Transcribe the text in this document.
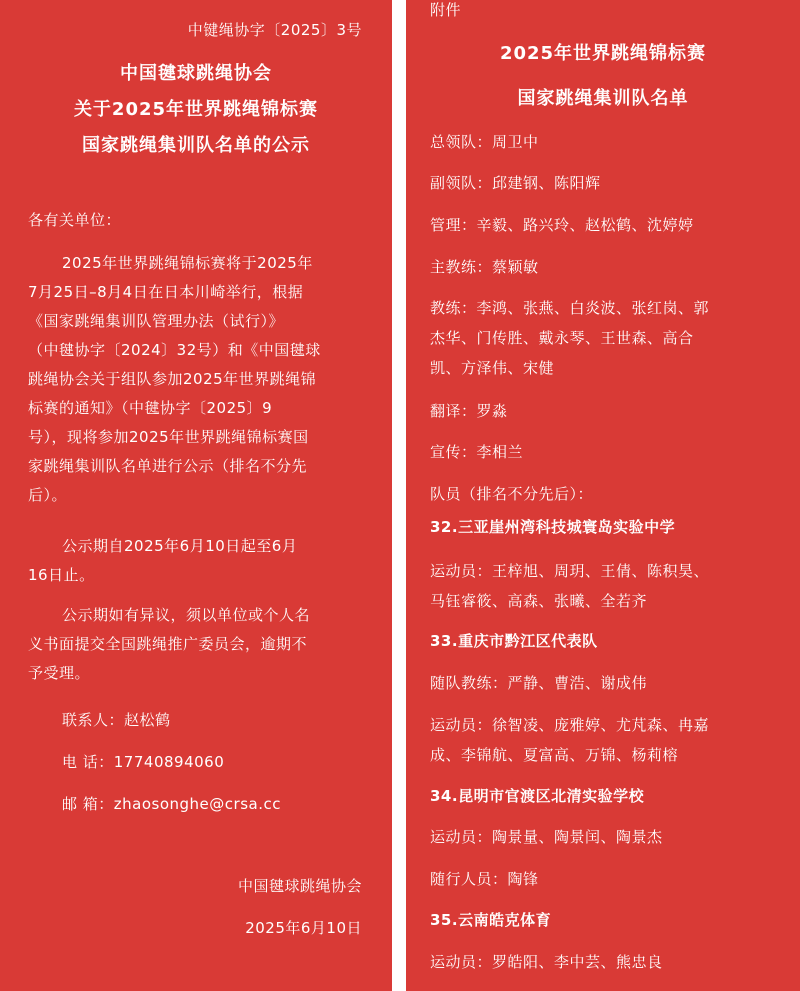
中键绳协字〔2025〕3号
中国毽球跳绳协会
关于2025年世界跳绳锦标赛
国家跳绳集训队名单的公示
各有关单位：
2025年世界跳绳锦标赛将于2025年
7月25日–8月4日在日本川崎举行，根据
《国家跳绳集训队管理办法（试行）》
（中毽协字〔2024〕32号）和《中国毽球
跳绳协会关于组队参加2025年世界跳绳锦
标赛的通知》（中毽协字〔2025〕9
号），现将参加2025年世界跳绳锦标赛国
家跳绳集训队名单进行公示（排名不分先
后）。
公示期自2025年6月10日起至6月
16日止。
公示期如有异议，须以单位或个人名
义书面提交全国跳绳推广委员会，逾期不
予受理。
联系人：赵松鹤
电 话：17740894060
邮 箱：zhaosonghe@crsa.cc
中国毽球跳绳协会
2025年6月10日
附件
2025年世界跳绳锦标赛
国家跳绳集训队名单
总领队：周卫中
副领队：邱建钢、陈阳辉
管理：辛毅、路兴玲、赵松鹤、沈婷婷
主教练：蔡颖敏
教练：李鸿、张燕、白炎波、张红岗、郭
杰华、门传胜、戴永琴、王世森、高合
凯、方泽伟、宋健
翻译：罗淼
宣传：李相兰
队员（排名不分先后）：
32.三亚崖州湾科技城寰岛实验中学
运动员：王梓旭、周玥、王倩、陈积昊、
马钰睿筱、高森、张曦、全若齐
33.重庆市黔江区代表队
随队教练：严静、曹浩、谢成伟
运动员：徐智凌、庞雅婷、尤芃森、冉嘉
成、李锦航、夏富高、万锦、杨莉榕
34.昆明市官渡区北清实验学校
运动员：陶景量、陶景闰、陶景杰
随行人员：陶锋
35.云南皓克体育
运动员：罗皓阳、李中芸、熊忠良
